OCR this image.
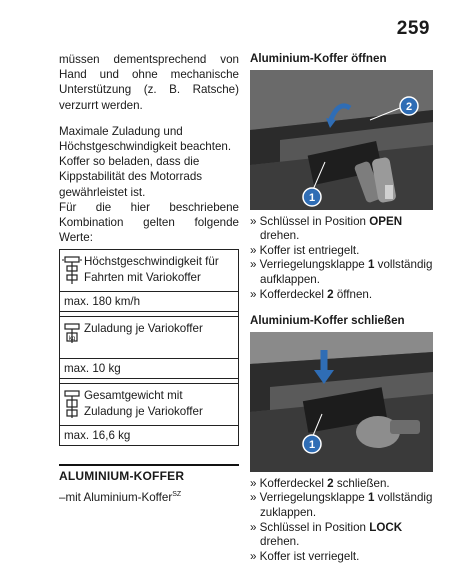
259

müssen dementsprechend von Hand und ohne mechanische Unterstützung (z. B. Ratsche) verzurrt werden.

Maximale Zuladung und Höchstgeschwindigkeit beachten.

Koffer so beladen, dass die Kippstabilität des Motorrads gewährleistet ist.

Für die hier beschriebene Kombination gelten folgende Werte:

Höchstgeschwindigkeit für Fahrten mit Variokoffer
max. 180 km/h
kg
Zuladung je Variokoffer
max. 10 kg
Gesamtgewicht mit Zuladung je Variokoffer
max. 16,6 kg
ALUMINIUM-KOFFER
–mit Aluminium-Koffer$^{SZ}$
Aluminium-Koffer öffnen
2
1
» Schlüssel in Position OPEN drehen.
» Koffer ist entriegelt.
» Verriegelungsklappe 1 vollständig aufklappen.
» Kofferdeckel 2 öffnen.
Aluminium-Koffer schließen
1
» Kofferdeckel 2 schließen.
» Verriegelungsklappe 1 vollständig zuklappen.
» Schlüssel in Position LOCK drehen.
» Koffer ist verriegelt.
